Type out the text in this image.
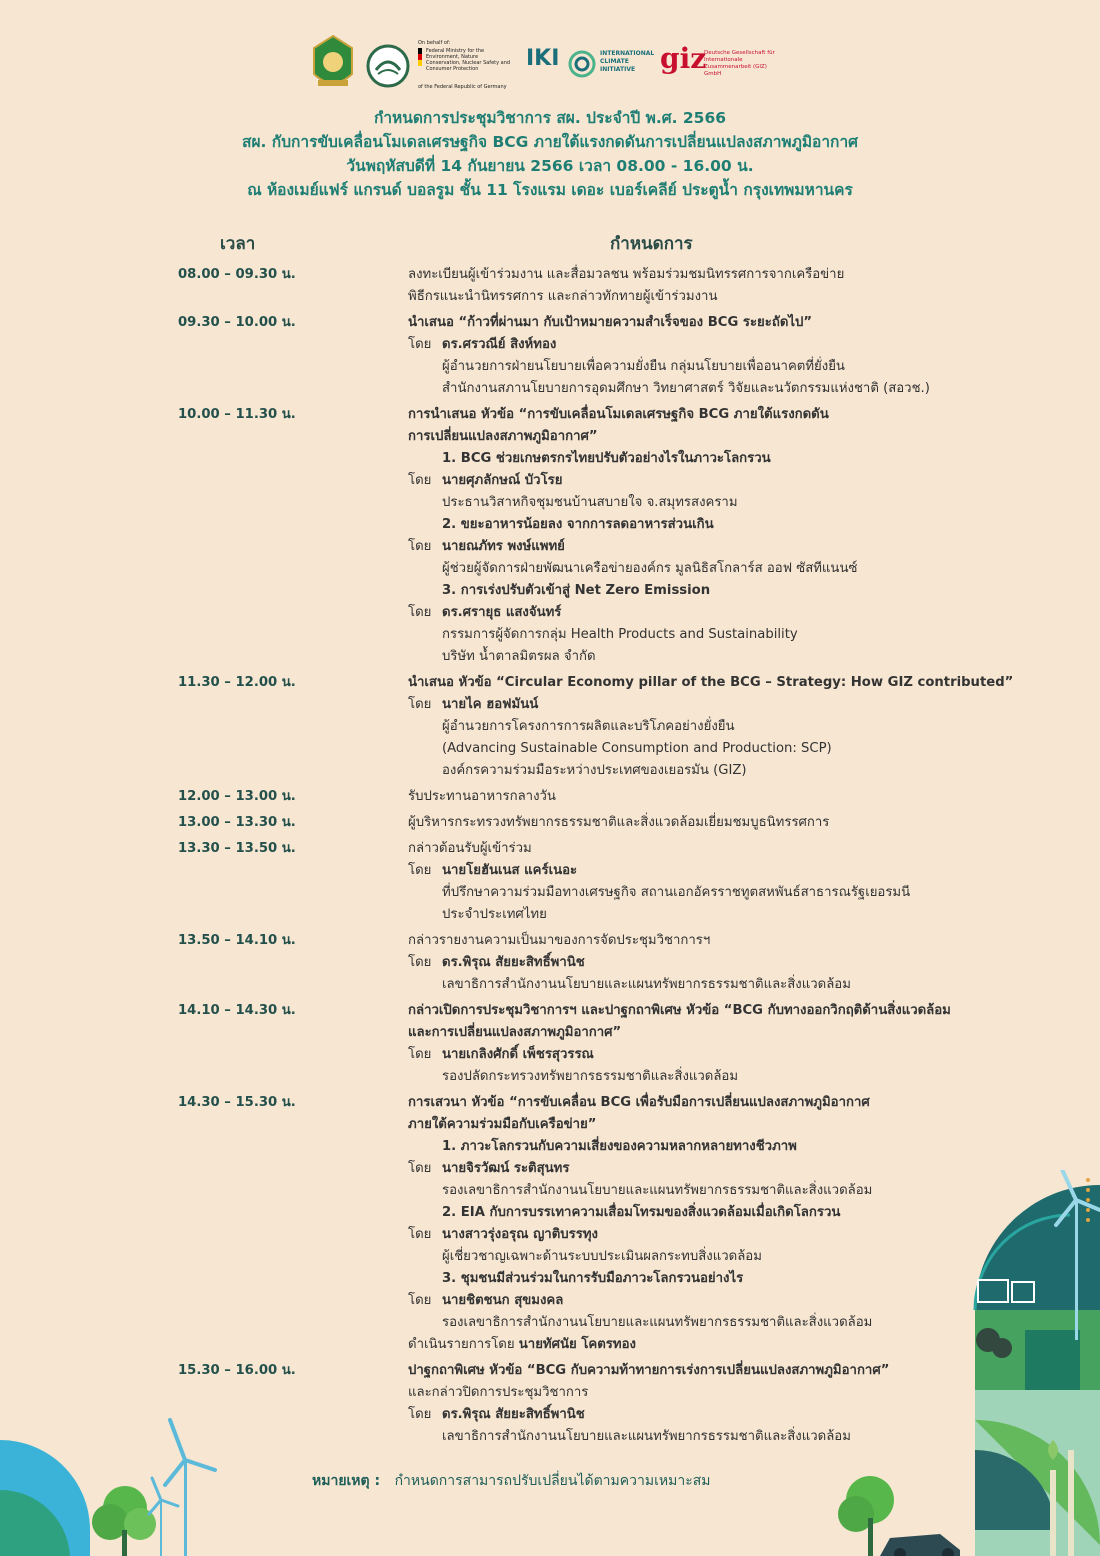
On behalf of:
Federal Ministry for the Environment, Nature Conservation, Nuclear Safety and Consumer Protection
of the Federal Republic of Germany
IKI	INTERNATIONAL CLIMATE INITIATIVE giz
Deutsche Gesellschaft für Internationale Zusammenarbeit (GIZ) GmbH
กำหนดการประชุมวิชาการ สผ. ประจำปี พ.ศ. 2566
สผ. กับการขับเคลื่อนโมเดลเศรษฐกิจ BCG ภายใต้แรงกดดันการเปลี่ยนแปลงสภาพภูมิอากาศ
วันพฤหัสบดีที่ 14 กันยายน 2566 เวลา 08.00 - 16.00 น.
ณ ห้องเมย์แฟร์ แกรนด์ บอลรูม ชั้น 11 โรงแรม เดอะ เบอร์เคลีย์ ประตูน้ำ กรุงเทพมหานคร
เวลา	กำหนดการ
08.00 – 09.30 น.	ลงทะเบียนผู้เข้าร่วมงาน และสื่อมวลชน พร้อมร่วมชมนิทรรศการจากเครือข่าย
พิธีกรแนะนำนิทรรศการ และกล่าวทักทายผู้เข้าร่วมงาน
09.30 – 10.00 น.	นำเสนอ “ก้าวที่ผ่านมา กับเป้าหมายความสำเร็จของ BCG ระยะถัดไป”
โดย ดร.ศรวณีย์ สิงห์ทอง
ผู้อำนวยการฝ่ายนโยบายเพื่อความยั่งยืน กลุ่มนโยบายเพื่ออนาคตที่ยั่งยืน
สำนักงานสภานโยบายการอุดมศึกษา วิทยาศาสตร์ วิจัยและนวัตกรรมแห่งชาติ (สอวช.)
10.00 – 11.30 น.	การนำเสนอ หัวข้อ “การขับเคลื่อนโมเดลเศรษฐกิจ BCG ภายใต้แรงกดดัน
การเปลี่ยนแปลงสภาพภูมิอากาศ”
1. BCG ช่วยเกษตรกรไทยปรับตัวอย่างไรในภาวะโลกรวน
โดย นายศุภลักษณ์ บัวโรย
ประธานวิสาหกิจชุมชนบ้านสบายใจ จ.สมุทรสงคราม
2. ขยะอาหารน้อยลง จากการลดอาหารส่วนเกิน
โดย นายณภัทร พงษ์แพทย์
ผู้ช่วยผู้จัดการฝ่ายพัฒนาเครือข่ายองค์กร มูลนิธิสโกลาร์ส ออฟ ซัสทีแนนซ์
3. การเร่งปรับตัวเข้าสู่ Net Zero Emission
โดย ดร.ศรายุธ แสงจันทร์
กรรมการผู้จัดการกลุ่ม Health Products and Sustainability
บริษัท น้ำตาลมิตรผล จำกัด
11.30 – 12.00 น.	นำเสนอ หัวข้อ “Circular Economy pillar of the BCG – Strategy: How GIZ contributed”
โดย นายไค ฮอฟมันน์
ผู้อำนวยการโครงการการผลิตและบริโภคอย่างยั่งยืน
(Advancing Sustainable Consumption and Production: SCP)
องค์กรความร่วมมือระหว่างประเทศของเยอรมัน (GIZ)
12.00 – 13.00 น.	รับประทานอาหารกลางวัน
13.00 – 13.30 น.	ผู้บริหารกระทรวงทรัพยากรธรรมชาติและสิ่งแวดล้อมเยี่ยมชมบูธนิทรรศการ
13.30 – 13.50 น.	กล่าวต้อนรับผู้เข้าร่วม
โดย นายโยฮันเนส แคร์เนอะ
ที่ปรึกษาความร่วมมือทางเศรษฐกิจ สถานเอกอัครราชทูตสหพันธ์สาธารณรัฐเยอรมนี
ประจำประเทศไทย
13.50 – 14.10 น.	กล่าวรายงานความเป็นมาของการจัดประชุมวิชาการฯ
โดย ดร.พิรุณ สัยยะสิทธิ์พานิช
เลขาธิการสำนักงานนโยบายและแผนทรัพยากรธรรมชาติและสิ่งแวดล้อม
14.10 – 14.30 น.	กล่าวเปิดการประชุมวิชาการฯ และปาฐกถาพิเศษ หัวข้อ “BCG กับทางออกวิกฤติด้านสิ่งแวดล้อม
และการเปลี่ยนแปลงสภาพภูมิอากาศ”
โดย นายเกลิงศักดิ์ เพ็ชรสุวรรณ
รองปลัดกระทรวงทรัพยากรธรรมชาติและสิ่งแวดล้อม
14.30 – 15.30 น.	การเสวนา หัวข้อ “การขับเคลื่อน BCG เพื่อรับมือการเปลี่ยนแปลงสภาพภูมิอากาศ
ภายใต้ความร่วมมือกับเครือข่าย”
1. ภาวะโลกรวนกับความเสี่ยงของความหลากหลายทางชีวภาพ
โดย นายจิรวัฒน์ ระติสุนทร
รองเลขาธิการสำนักงานนโยบายและแผนทรัพยากรธรรมชาติและสิ่งแวดล้อม
2. EIA กับการบรรเทาความเสื่อมโทรมของสิ่งแวดล้อมเมื่อเกิดโลกรวน
โดย นางสาวรุ่งอรุณ ญาติบรรทุง
ผู้เชี่ยวชาญเฉพาะด้านระบบประเมินผลกระทบสิ่งแวดล้อม
3. ชุมชนมีส่วนร่วมในการรับมือภาวะโลกรวนอย่างไร
โดย นายชิตชนก สุขมงคล
รองเลขาธิการสำนักงานนโยบายและแผนทรัพยากรธรรมชาติและสิ่งแวดล้อม
ดำเนินรายการโดย นายทัศนัย โคตรทอง
15.30 – 16.00 น.	ปาฐกถาพิเศษ หัวข้อ “BCG กับความท้าทายการเร่งการเปลี่ยนแปลงสภาพภูมิอากาศ”
และกล่าวปิดการประชุมวิชาการ
โดย ดร.พิรุณ สัยยะสิทธิ์พานิช
เลขาธิการสำนักงานนโยบายและแผนทรัพยากรธรรมชาติและสิ่งแวดล้อม
หมายเหตุ : กำหนดการสามารถปรับเปลี่ยนได้ตามความเหมาะสม
